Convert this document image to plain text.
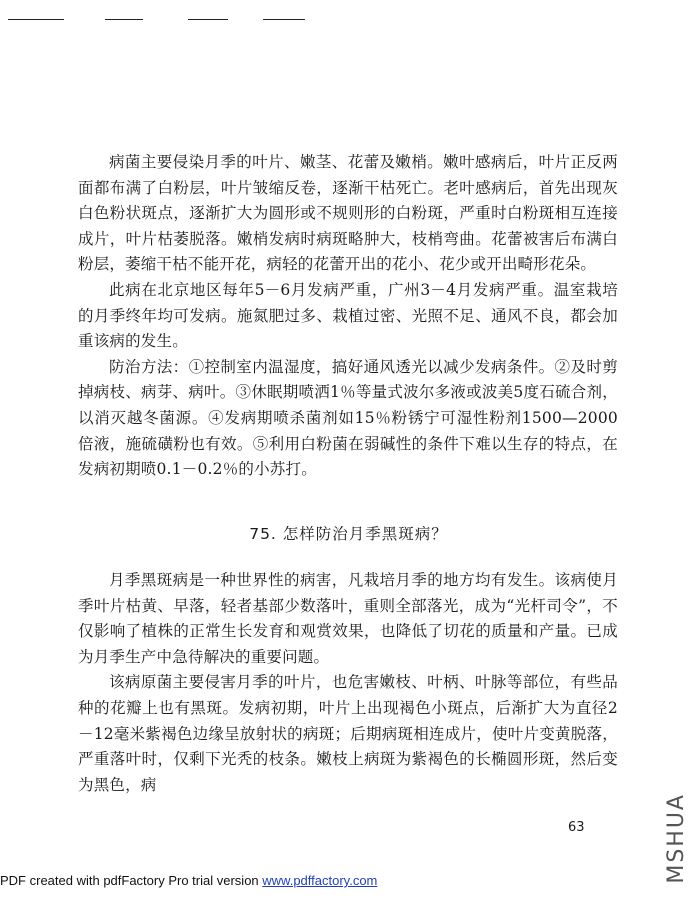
病菌主要侵染月季的叶片、嫩茎、花蕾及嫩梢。嫩叶感病后，叶片正反两面都布满了白粉层，叶片皱缩反卷，逐渐干枯死亡。老叶感病后，首先出现灰白色粉状斑点，逐渐扩大为圆形或不规则形的白粉斑，严重时白粉斑相互连接成片，叶片枯萎脱落。嫩梢发病时病斑略肿大，枝梢弯曲。花蕾被害后布满白粉层，萎缩干枯不能开花，病轻的花蕾开出的花小、花少或开出畸形花朵。

此病在北京地区每年5－6月发病严重，广州3－4月发病严重。温室栽培的月季终年均可发病。施氮肥过多、栽植过密、光照不足、通风不良，都会加重该病的发生。

防治方法：①控制室内温湿度，搞好通风透光以减少发病条件。②及时剪掉病枝、病芽、病叶。③休眠期喷洒1％等量式波尔多液或波美5度石硫合剂，以消灭越冬菌源。④发病期喷杀菌剂如15％粉锈宁可湿性粉剂1500—2000倍液，施硫磺粉也有效。⑤利用白粉菌在弱碱性的条件下难以生存的特点，在发病初期喷0.1－0.2％的小苏打。

75. 怎样防治月季黑斑病？

月季黑斑病是一种世界性的病害，凡栽培月季的地方均有发生。该病使月季叶片枯黄、早落，轻者基部少数落叶，重则全部落光，成为“光杆司令”，不仅影响了植株的正常生长发育和观赏效果，也降低了切花的质量和产量。已成为月季生产中急待解决的重要问题。

该病原菌主要侵害月季的叶片，也危害嫩枝、叶柄、叶脉等部位，有些品种的花瓣上也有黑斑。发病初期，叶片上出现褐色小斑点，后渐扩大为直径2－12毫米紫褐色边缘呈放射状的病斑；后期病斑相连成片，使叶片变黄脱落，严重落叶时，仅剩下光秃的枝条。嫩枝上病斑为紫褐色的长椭圆形斑，然后变为黑色，病

63
PDF created with pdfFactory Pro trial version www.pdffactory.com	MSHUA
